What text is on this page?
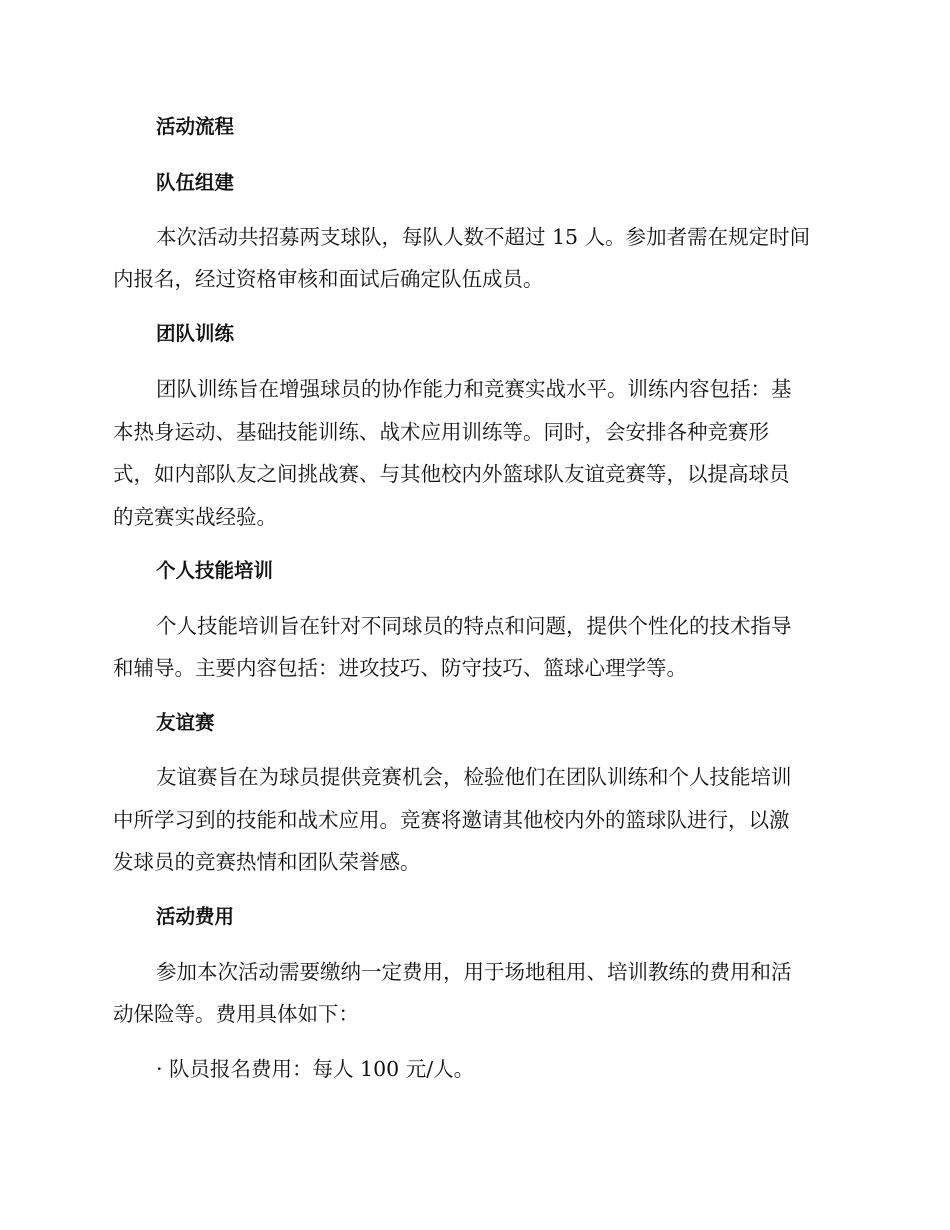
活动流程
队伍组建
本次活动共招募两支球队，每队人数不超过 15 人。参加者需在规定时间
内报名，经过资格审核和面试后确定队伍成员。
团队训练
团队训练旨在增强球员的协作能力和竞赛实战水平。训练内容包括：基
本热身运动、基础技能训练、战术应用训练等。同时，会安排各种竞赛形
式，如内部队友之间挑战赛、与其他校内外篮球队友谊竞赛等，以提高球员
的竞赛实战经验。
个人技能培训
个人技能培训旨在针对不同球员的特点和问题，提供个性化的技术指导
和辅导。主要内容包括：进攻技巧、防守技巧、篮球心理学等。
友谊赛
友谊赛旨在为球员提供竞赛机会，检验他们在团队训练和个人技能培训
中所学习到的技能和战术应用。竞赛将邀请其他校内外的篮球队进行，以激
发球员的竞赛热情和团队荣誉感。
活动费用
参加本次活动需要缴纳一定费用，用于场地租用、培训教练的费用和活
动保险等。费用具体如下：
· 队员报名费用：每人 100 元/人。
